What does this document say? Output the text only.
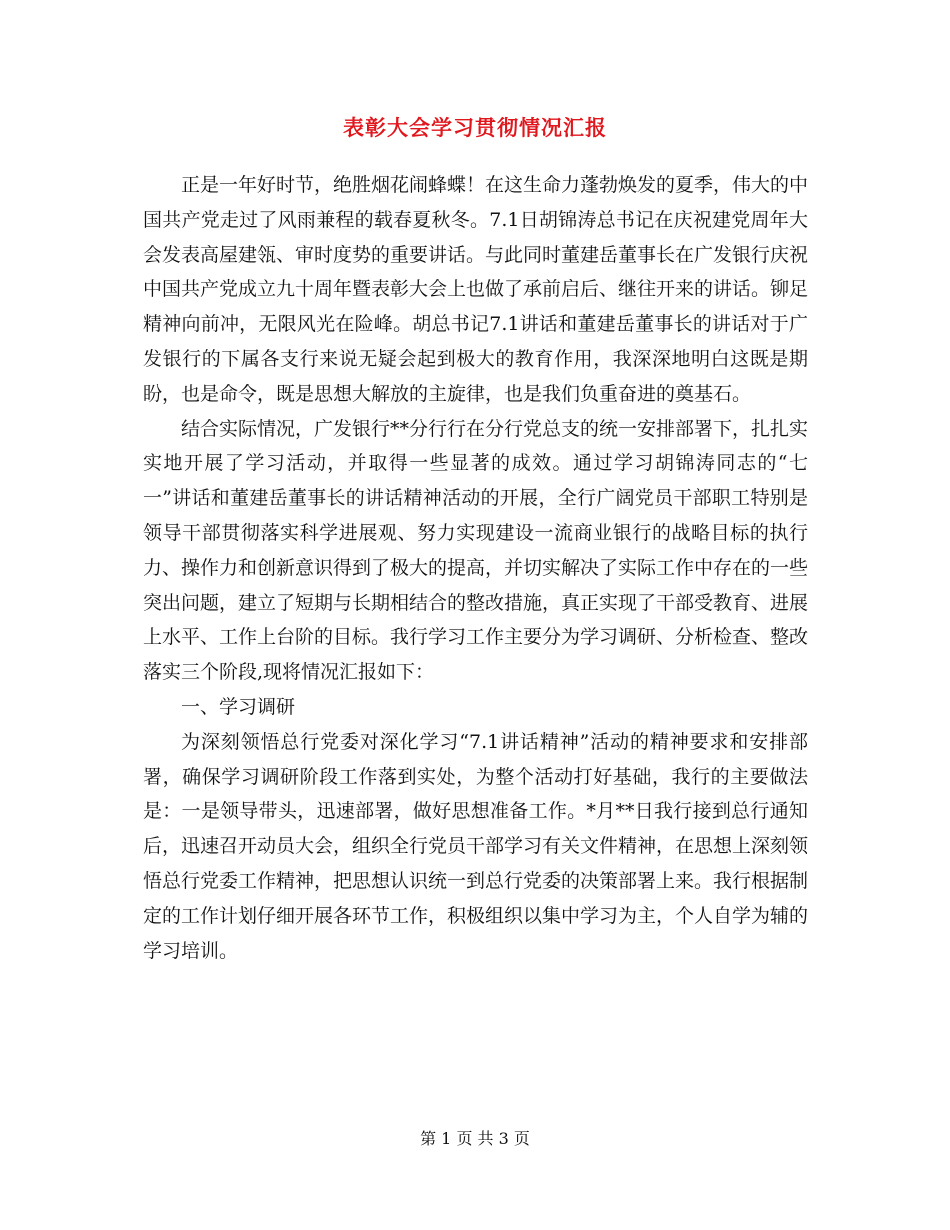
表彰大会学习贯彻情况汇报

正是一年好时节，绝胜烟花闹蜂蝶！在这生命力蓬勃焕发的夏季，伟大的中国共产党走过了风雨兼程的载春夏秋冬。7.1日胡锦涛总书记在庆祝建党周年大会发表高屋建瓴、审时度势的重要讲话。与此同时董建岳董事长在广发银行庆祝中国共产党成立九十周年暨表彰大会上也做了承前启后、继往开来的讲话。铆足精神向前冲，无限风光在险峰。胡总书记7.1讲话和董建岳董事长的讲话对于广发银行的下属各支行来说无疑会起到极大的教育作用，我深深地明白这既是期盼，也是命令，既是思想大解放的主旋律，也是我们负重奋进的奠基石。

结合实际情况，广发银行**分行行在分行党总支的统一安排部署下，扎扎实实地开展了学习活动，并取得一些显著的成效。通过学习胡锦涛同志的“七一”讲话和董建岳董事长的讲话精神活动的开展，全行广阔党员干部职工特别是领导干部贯彻落实科学进展观、努力实现建设一流商业银行的战略目标的执行力、操作力和创新意识得到了极大的提高，并切实解决了实际工作中存在的一些突出问题，建立了短期与长期相结合的整改措施，真正实现了干部受教育、进展上水平、工作上台阶的目标。我行学习工作主要分为学习调研、分析检查、整改落实三个阶段,现将情况汇报如下：

一、学习调研

为深刻领悟总行党委对深化学习“7.1讲话精神”活动的精神要求和安排部署，确保学习调研阶段工作落到实处，为整个活动打好基础，我行的主要做法是：一是领导带头，迅速部署，做好思想准备工作。*月**日我行接到总行通知后，迅速召开动员大会，组织全行党员干部学习有关文件精神，在思想上深刻领悟总行党委工作精神，把思想认识统一到总行党委的决策部署上来。我行根据制定的工作计划仔细开展各环节工作，积极组织以集中学习为主，个人自学为辅的学习培训。

第 1 页 共 3 页
